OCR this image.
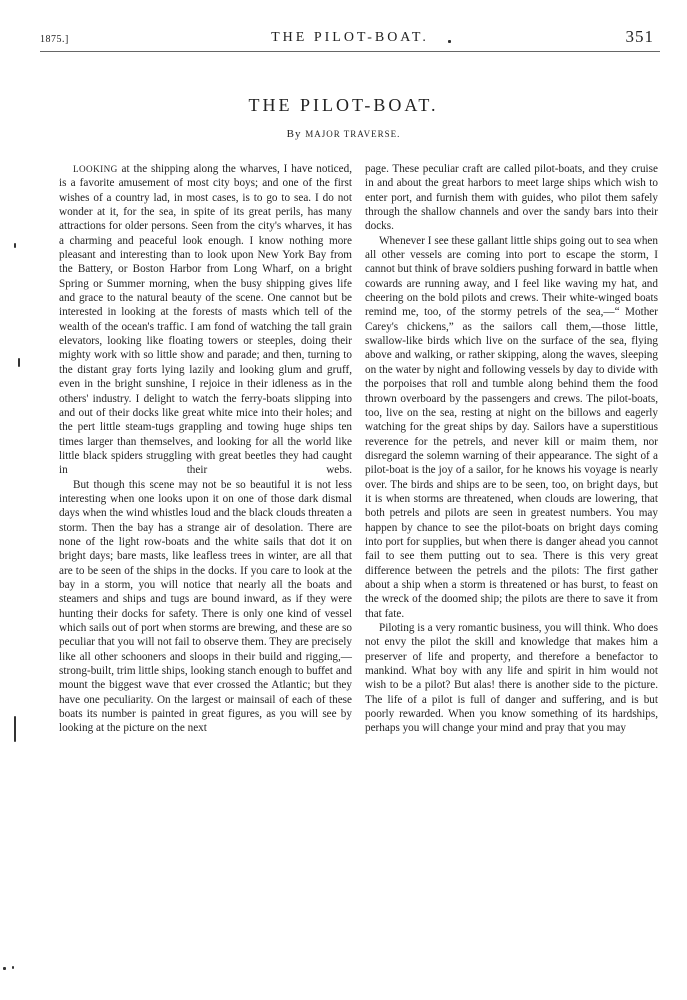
1875.]	THE PILOT-BOAT.	351
THE PILOT-BOAT.
By MAJOR TRAVERSE.

LOOKING at the shipping along the wharves, I have noticed, is a favorite amusement of most city boys; and one of the first wishes of a country lad, in most cases, is to go to sea. I do not wonder at it, for the sea, in spite of its great perils, has many attractions for older persons. Seen from the city's wharves, it has a charming and peaceful look enough. I know nothing more pleasant and interesting than to look upon New York Bay from the Battery, or Boston Harbor from Long Wharf, on a bright Spring or Summer morning, when the busy shipping gives life and grace to the natural beauty of the scene. One cannot but be interested in looking at the forests of masts which tell of the wealth of the ocean's traffic. I am fond of watching the tall grain elevators, looking like floating towers or steeples, doing their mighty work with so little show and parade; and then, turning to the distant gray forts lying lazily and looking glum and gruff, even in the bright sunshine, I rejoice in their idleness as in the others' industry. I delight to watch the ferry-boats slipping into and out of their docks like great white mice into their holes; and the pert little steam-tugs grappling and towing huge ships ten times larger than themselves, and looking for all the world like little black spiders struggling with great beetles they had caught in their webs.

But though this scene may not be so beautiful it is not less interesting when one looks upon it on one of those dark dismal days when the wind whistles loud and the black clouds threaten a storm. Then the bay has a strange air of desolation. There are none of the light row-boats and the white sails that dot it on bright days; bare masts, like leafless trees in winter, are all that are to be seen of the ships in the docks. If you care to look at the bay in a storm, you will notice that nearly all the boats and steamers and ships and tugs are bound inward, as if they were hunting their docks for safety. There is only one kind of vessel which sails out of port when storms are brewing, and these are so peculiar that you will not fail to observe them. They are precisely like all other schooners and sloops in their build and rigging,—strong-built, trim little ships, looking stanch enough to buffet and mount the biggest wave that ever crossed the Atlantic; but they have one peculiarity. On the largest or mainsail of each of these boats its number is painted in great figures, as you will see by looking at the picture on the next

page. These peculiar craft are called pilot-boats, and they cruise in and about the great harbors to meet large ships which wish to enter port, and furnish them with guides, who pilot them safely through the shallow channels and over the sandy bars into their docks.

Whenever I see these gallant little ships going out to sea when all other vessels are coming into port to escape the storm, I cannot but think of brave soldiers pushing forward in battle when cowards are running away, and I feel like waving my hat, and cheering on the bold pilots and crews. Their white-winged boats remind me, too, of the stormy petrels of the sea,—“ Mother Carey's chickens,” as the sailors call them,—those little, swallow-like birds which live on the surface of the sea, flying above and walking, or rather skipping, along the waves, sleeping on the water by night and following vessels by day to divide with the porpoises that roll and tumble along behind them the food thrown overboard by the passengers and crews. The pilot-boats, too, live on the sea, resting at night on the billows and eagerly watching for the great ships by day. Sailors have a superstitious reverence for the petrels, and never kill or maim them, nor disregard the solemn warning of their appearance. The sight of a pilot-boat is the joy of a sailor, for he knows his voyage is nearly over. The birds and ships are to be seen, too, on bright days, but it is when storms are threatened, when clouds are lowering, that both petrels and pilots are seen in greatest numbers. You may happen by chance to see the pilot-boats on bright days coming into port for supplies, but when there is danger ahead you cannot fail to see them putting out to sea. There is this very great difference between the petrels and the pilots: The first gather about a ship when a storm is threatened or has burst, to feast on the wreck of the doomed ship; the pilots are there to save it from that fate.

Piloting is a very romantic business, you will think. Who does not envy the pilot the skill and knowledge that makes him a preserver of life and property, and therefore a benefactor to mankind. What boy with any life and spirit in him would not wish to be a pilot? But alas! there is another side to the picture. The life of a pilot is full of danger and suffering, and is but poorly rewarded. When you know something of its hardships, perhaps you will change your mind and pray that you may
